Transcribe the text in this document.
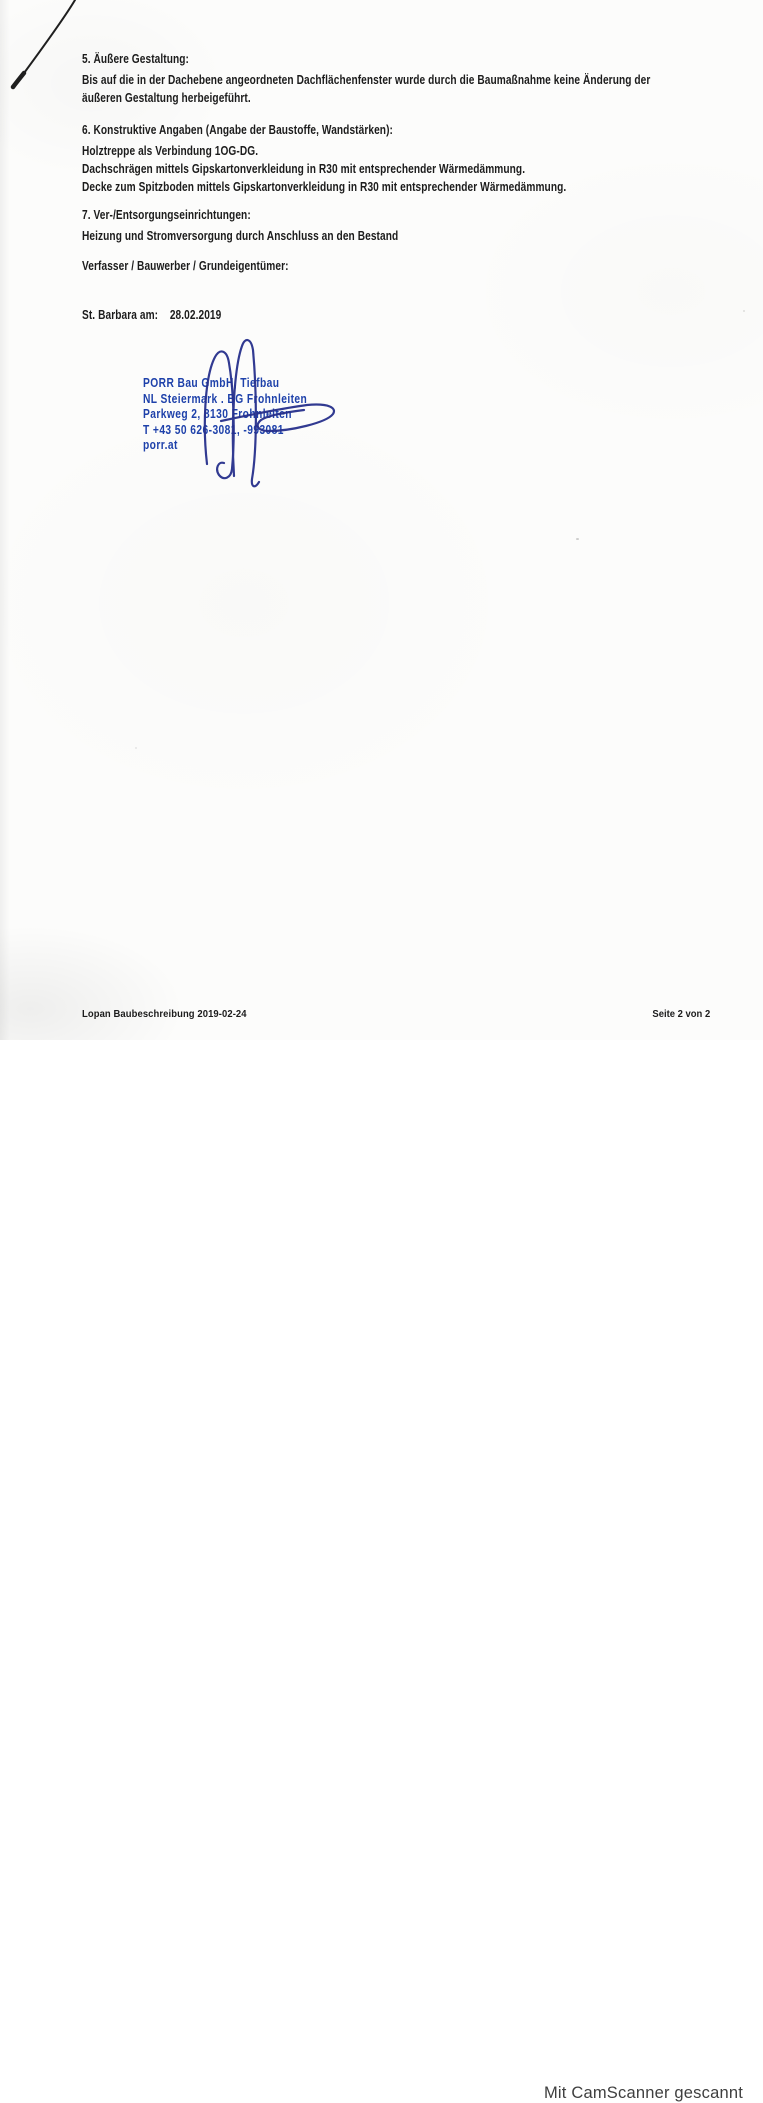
5. Äußere Gestaltung:
Bis auf die in der Dachebene angeordneten Dachflächenfenster wurde durch die Baumaßnahme keine Änderung der
äußeren Gestaltung herbeigeführt.
6. Konstruktive Angaben (Angabe der Baustoffe, Wandstärken):
Holztreppe als Verbindung 1OG-DG.
Dachschrägen mittels Gipskartonverkleidung in R30 mit entsprechender Wärmedämmung.
Decke zum Spitzboden mittels Gipskartonverkleidung in R30 mit entsprechender Wärmedämmung.
7. Ver-/Entsorgungseinrichtungen:
Heizung und Stromversorgung durch Anschluss an den Bestand
Verfasser / Bauwerber / Grundeigentümer:
St. Barbara am: 28.02.2019
PORR Bau GmbH, Tiefbau
NL Steiermark . BG Frohnleiten
Parkweg 2, 8130 Frohnleiten
T +43 50 626-3081, -993081
porr.at
Lopan Baubeschreibung 2019-02-24	Seite 2 von 2
Mit CamScanner gescannt
